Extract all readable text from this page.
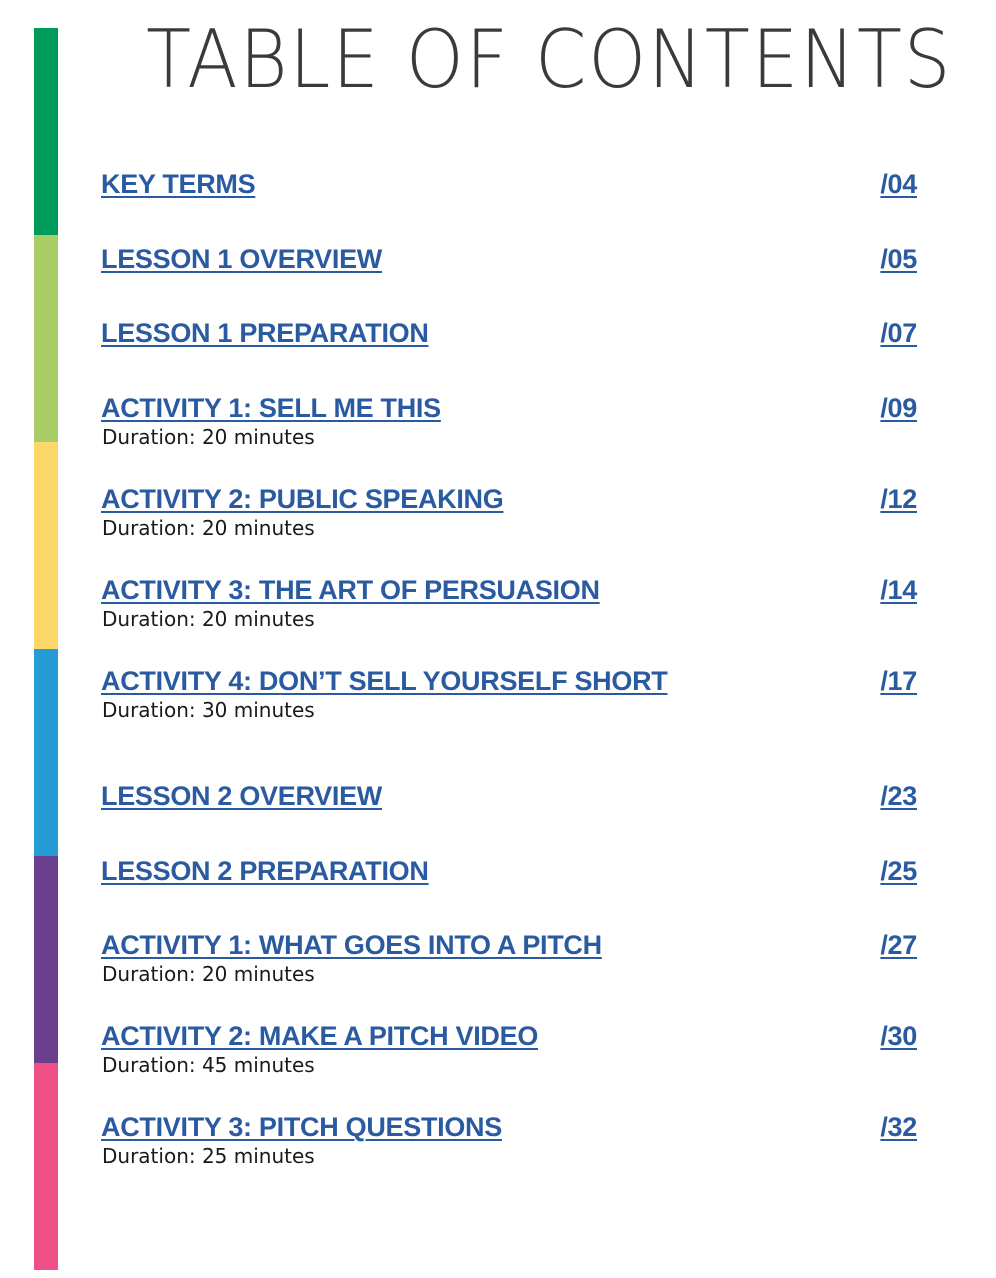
TABLE OF CONTENTS
KEY TERMS	/04
LESSON 1 OVERVIEW	/05
LESSON 1 PREPARATION	/07
ACTIVITY 1: SELL ME THIS	/09
Duration: 20 minutes
ACTIVITY 2: PUBLIC SPEAKING	/12
Duration: 20 minutes
ACTIVITY 3: THE ART OF PERSUASION	/14
Duration: 20 minutes
ACTIVITY 4: DON’T SELL YOURSELF SHORT	/17
Duration: 30 minutes
LESSON 2 OVERVIEW	/23
LESSON 2 PREPARATION	/25
ACTIVITY 1: WHAT GOES INTO A PITCH	/27
Duration: 20 minutes
ACTIVITY 2: MAKE A PITCH VIDEO	/30
Duration: 45 minutes
ACTIVITY 3: PITCH QUESTIONS	/32
Duration: 25 minutes
